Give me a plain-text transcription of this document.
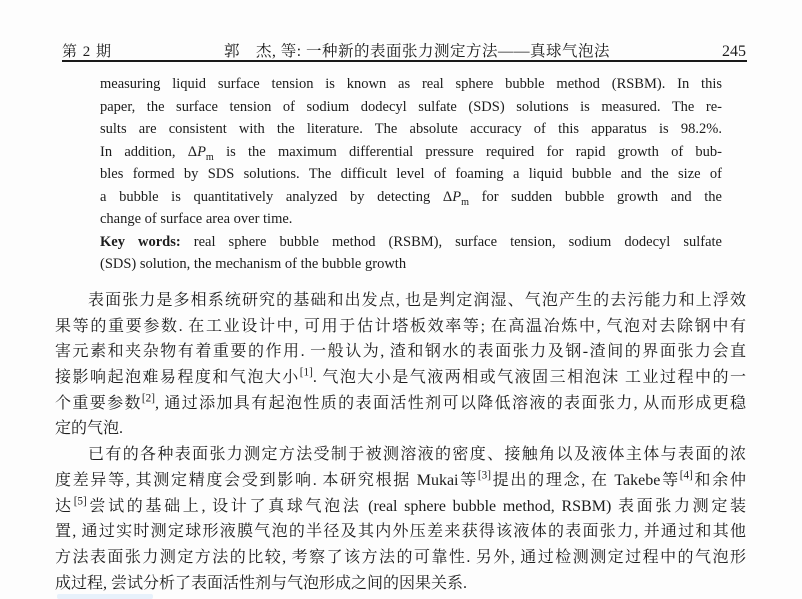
第 2 期	郭　杰, 等: 一种新的表面张力测定方法——真球气泡法	245
measuring liquid surface tension is known as real sphere bubble method (RSBM). In this
paper, the surface tension of sodium dodecyl sulfate (SDS) solutions is measured. The re-
sults are consistent with the literature. The absolute accuracy of this apparatus is 98.2%.
In addition, $\Delta P_m$ is the maximum differential pressure required for rapid growth of bub-
bles formed by SDS solutions. The difficult level of foaming a liquid bubble and the size of
a bubble is quantitatively analyzed by detecting $\Delta P_m$ for sudden bubble growth and the
change of surface area over time.
Key words: real sphere bubble method (RSBM), surface tension, sodium dodecyl sulfate
(SDS) solution, the mechanism of the bubble growth
表面张力是多相系统研究的基础和出发点, 也是判定润湿、气泡产生的去污能力和上浮效
果等的重要参数. 在工业设计中, 可用于估计塔板效率等; 在高温冶炼中, 气泡对去除钢中有
害元素和夹杂物有着重要的作用. 一般认为, 渣和钢水的表面张力及钢-渣间的界面张力会直
接影响起泡难易程度和气泡大小[1]. 气泡大小是气液两相或气液固三相泡沫 工业过程中的一
个重要参数[2], 通过添加具有起泡性质的表面活性剂可以降低溶液的表面张力, 从而形成更稳
定的气泡.
已有的各种表面张力测定方法受制于被测溶液的密度、接触角以及液体主体与表面的浓
度差异等, 其测定精度会受到影响. 本研究根据 Mukai等[3]提出的理念, 在 Takebe等[4]和余仲
达[5]尝试的基础上, 设计了真球气泡法 (real sphere bubble method, RSBM) 表面张力测定装
置, 通过实时测定球形液膜气泡的半径及其内外压差来获得该液体的表面张力, 并通过和其他
方法表面张力测定方法的比较, 考察了该方法的可靠性. 另外, 通过检测测定过程中的气泡形
成过程, 尝试分析了表面活性剂与气泡形成之间的因果关系.
